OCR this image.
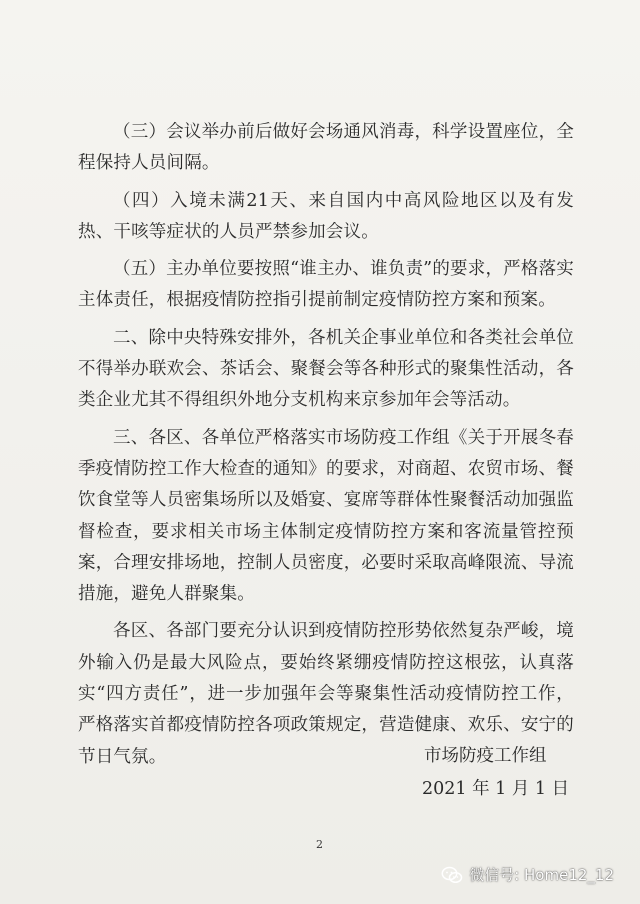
（三）会议举办前后做好会场通风消毒，科学设置座位，全程保持人员间隔。

（四）入境未满21天、来自国内中高风险地区以及有发热、干咳等症状的人员严禁参加会议。

（五）主办单位要按照“谁主办、谁负责”的要求，严格落实主体责任，根据疫情防控指引提前制定疫情防控方案和预案。

二、除中央特殊安排外，各机关企事业单位和各类社会单位不得举办联欢会、茶话会、聚餐会等各种形式的聚集性活动，各类企业尤其不得组织外地分支机构来京参加年会等活动。

三、各区、各单位严格落实市场防疫工作组《关于开展冬春季疫情防控工作大检查的通知》的要求，对商超、农贸市场、餐饮食堂等人员密集场所以及婚宴、宴席等群体性聚餐活动加强监督检查，要求相关市场主体制定疫情防控方案和客流量管控预案，合理安排场地，控制人员密度，必要时采取高峰限流、导流措施，避免人群聚集。

各区、各部门要充分认识到疫情防控形势依然复杂严峻，境外输入仍是最大风险点，要始终紧绷疫情防控这根弦，认真落实“四方责任”，进一步加强年会等聚集性活动疫情防控工作，严格落实首都疫情防控各项政策规定，营造健康、欢乐、安宁的节日气氛。	市场防疫工作组
2021 年 1 月 1 日
2
微信号: Home12_12
